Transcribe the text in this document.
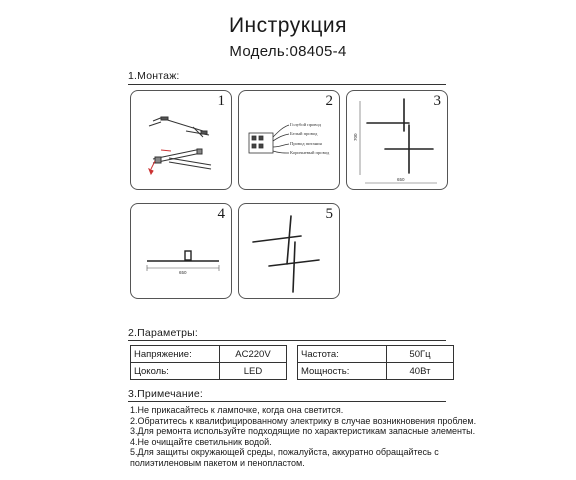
Инструкция
Модель:08405-4
1.Монтаж:
1	2
Голубой провод
Белый провод
Провод питания
Коричневый провод
3
700
650
4
650
5
2.Параметры:
Напряжение:	AC220V		Частота:	50Гц
Цоколь:	LED		Мощность:	40Вт
3.Примечание:
1.Не прикасайтесь к лампочке, когда она светится.
2.Обратитесь к квалифицированному электрику в случае возникновения проблем.
3.Для ремонта используйте подходящие по характеристикам запасные элементы.
4.Не очищайте светильник водой.
5.Для защиты окружающей среды, пожалуйста, аккуратно обращайтесь с
полиэтиленовым пакетом и пенопластом.
